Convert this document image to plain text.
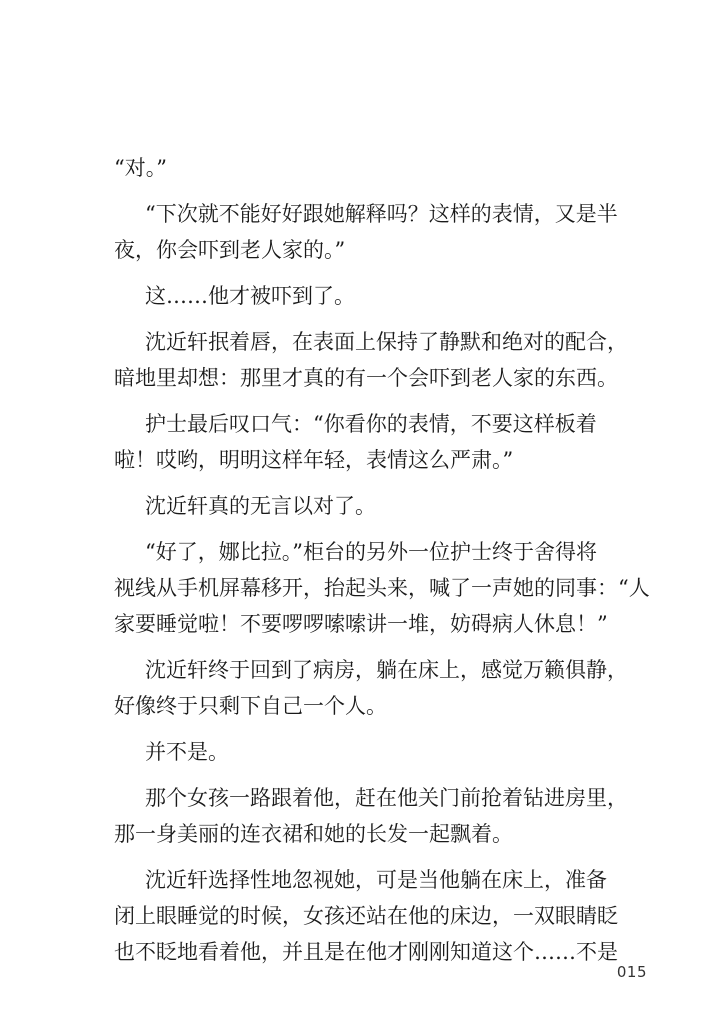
“对。”
“下次就不能好好跟她解释吗？这样的表情，又是半
夜，你会吓到老人家的。”
这……他才被吓到了。
沈近轩抿着唇，在表面上保持了静默和绝对的配合，
暗地里却想：那里才真的有一个会吓到老人家的东西。
护士最后叹口气：“你看你的表情，不要这样板着
啦！哎哟，明明这样年轻，表情这么严肃。”
沈近轩真的无言以对了。
“好了，娜比拉。”柜台的另外一位护士终于舍得将
视线从手机屏幕移开，抬起头来，喊了一声她的同事：“人
家要睡觉啦！不要啰啰嗦嗦讲一堆，妨碍病人休息！”
沈近轩终于回到了病房，躺在床上，感觉万籁俱静，
好像终于只剩下自己一个人。
并不是。
那个女孩一路跟着他，赶在他关门前抢着钻进房里，
那一身美丽的连衣裙和她的长发一起飘着。
沈近轩选择性地忽视她，可是当他躺在床上，准备
闭上眼睡觉的时候，女孩还站在他的床边，一双眼睛眨
也不眨地看着他，并且是在他才刚刚知道这个……不是
015
